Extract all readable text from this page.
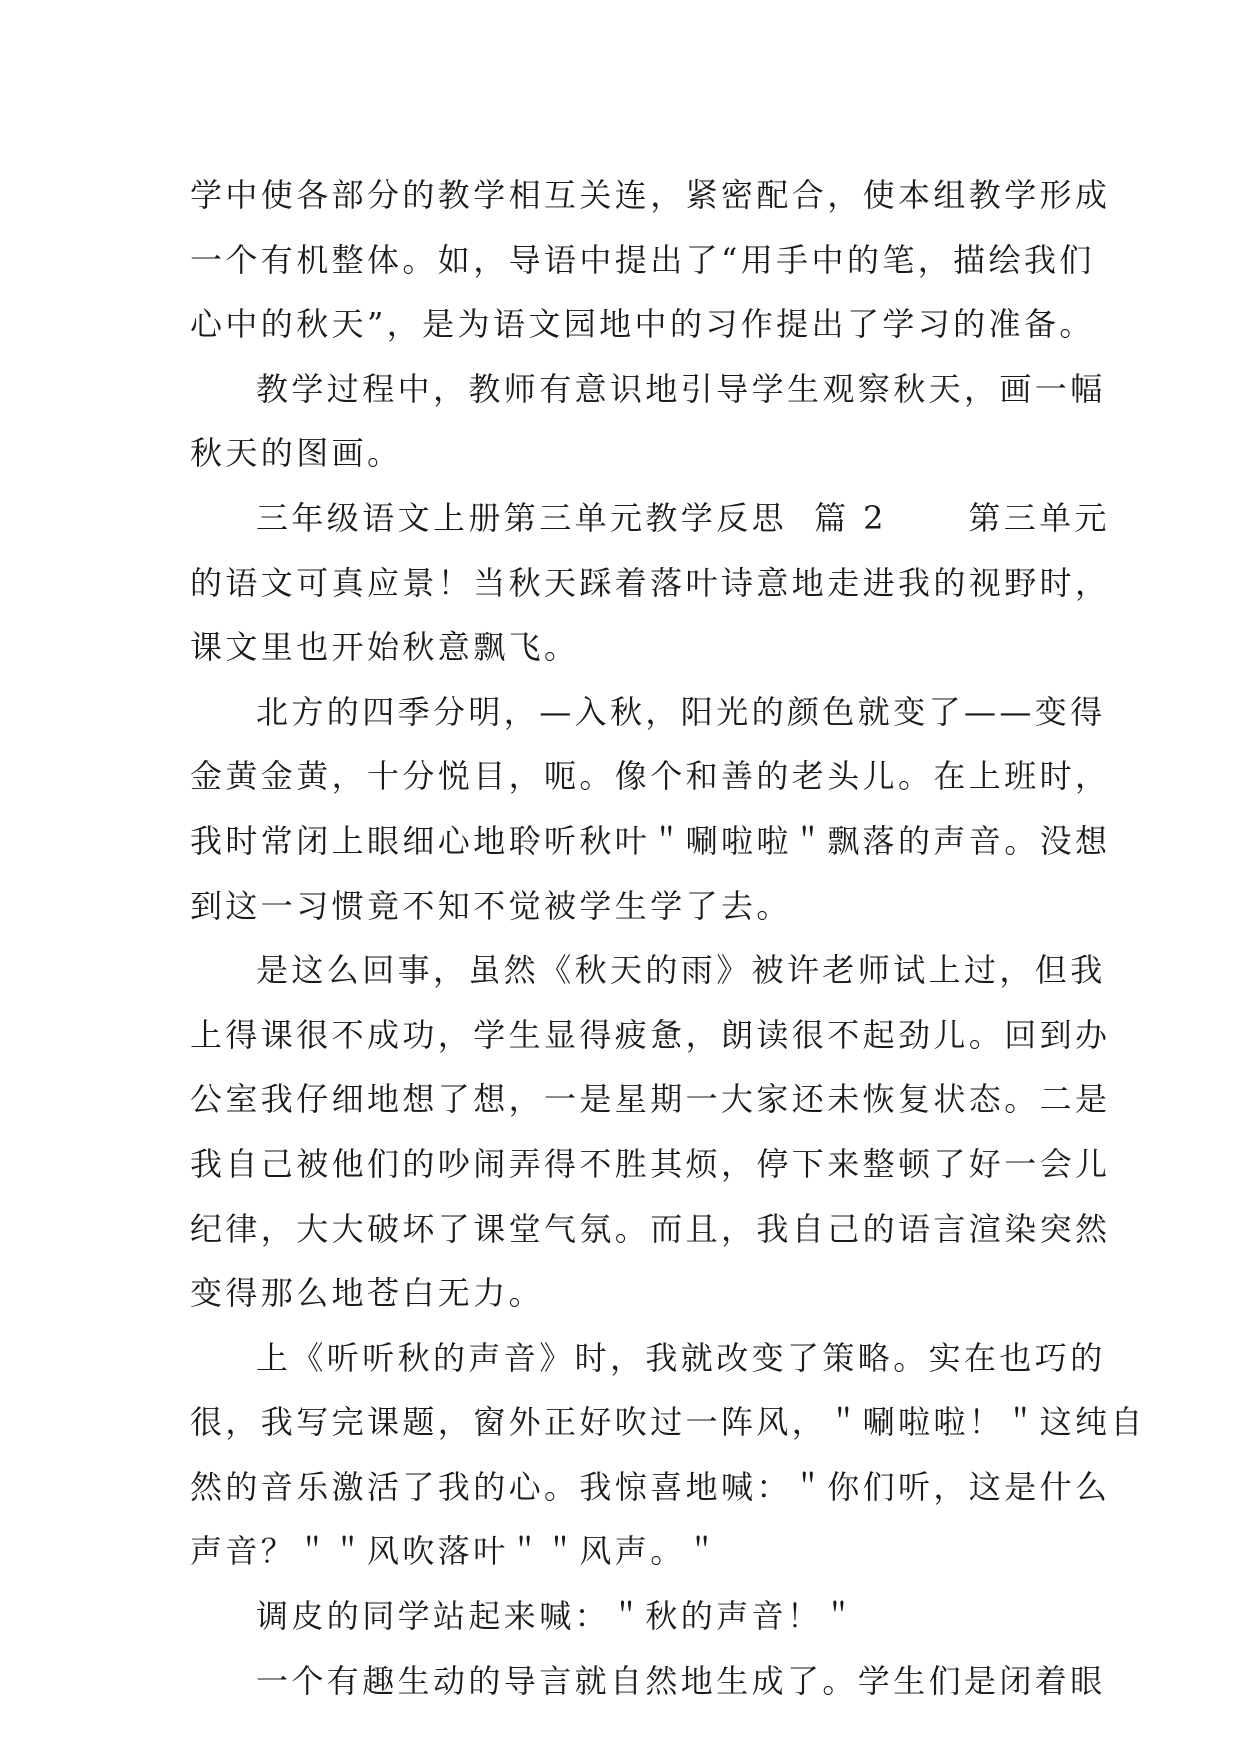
学中使各部分的教学相互关连，紧密配合，使本组教学形成
一个有机整体。如，导语中提出了“用手中的笔，描绘我们
心中的秋天”，是为语文园地中的习作提出了学习的准备。
教学过程中，教师有意识地引导学生观察秋天，画一幅
秋天的图画。
三年级语文上册第三单元教学反思  篇 2      第三单元
的语文可真应景！当秋天踩着落叶诗意地走进我的视野时，
课文里也开始秋意飘飞。
北方的四季分明，—入秋，阳光的颜色就变了——变得
金黄金黄，十分悦目，呃。像个和善的老头儿。在上班时，
我时常闭上眼细心地聆听秋叶＂唰啦啦＂飘落的声音。没想
到这一习惯竟不知不觉被学生学了去。
是这么回事，虽然《秋天的雨》被许老师试上过，但我
上得课很不成功，学生显得疲惫，朗读很不起劲儿。回到办
公室我仔细地想了想，一是星期一大家还未恢复状态。二是
我自己被他们的吵闹弄得不胜其烦，停下来整顿了好一会儿
纪律，大大破坏了课堂气氛。而且，我自己的语言渲染突然
变得那么地苍白无力。
上《听听秋的声音》时，我就改变了策略。实在也巧的
很，我写完课题，窗外正好吹过一阵风，＂唰啦啦！＂这纯自
然的音乐激活了我的心。我惊喜地喊：＂你们听，这是什么
声音？＂＂风吹落叶＂＂风声。＂
调皮的同学站起来喊：＂秋的声音！＂
一个有趣生动的导言就自然地生成了。学生们是闭着眼
